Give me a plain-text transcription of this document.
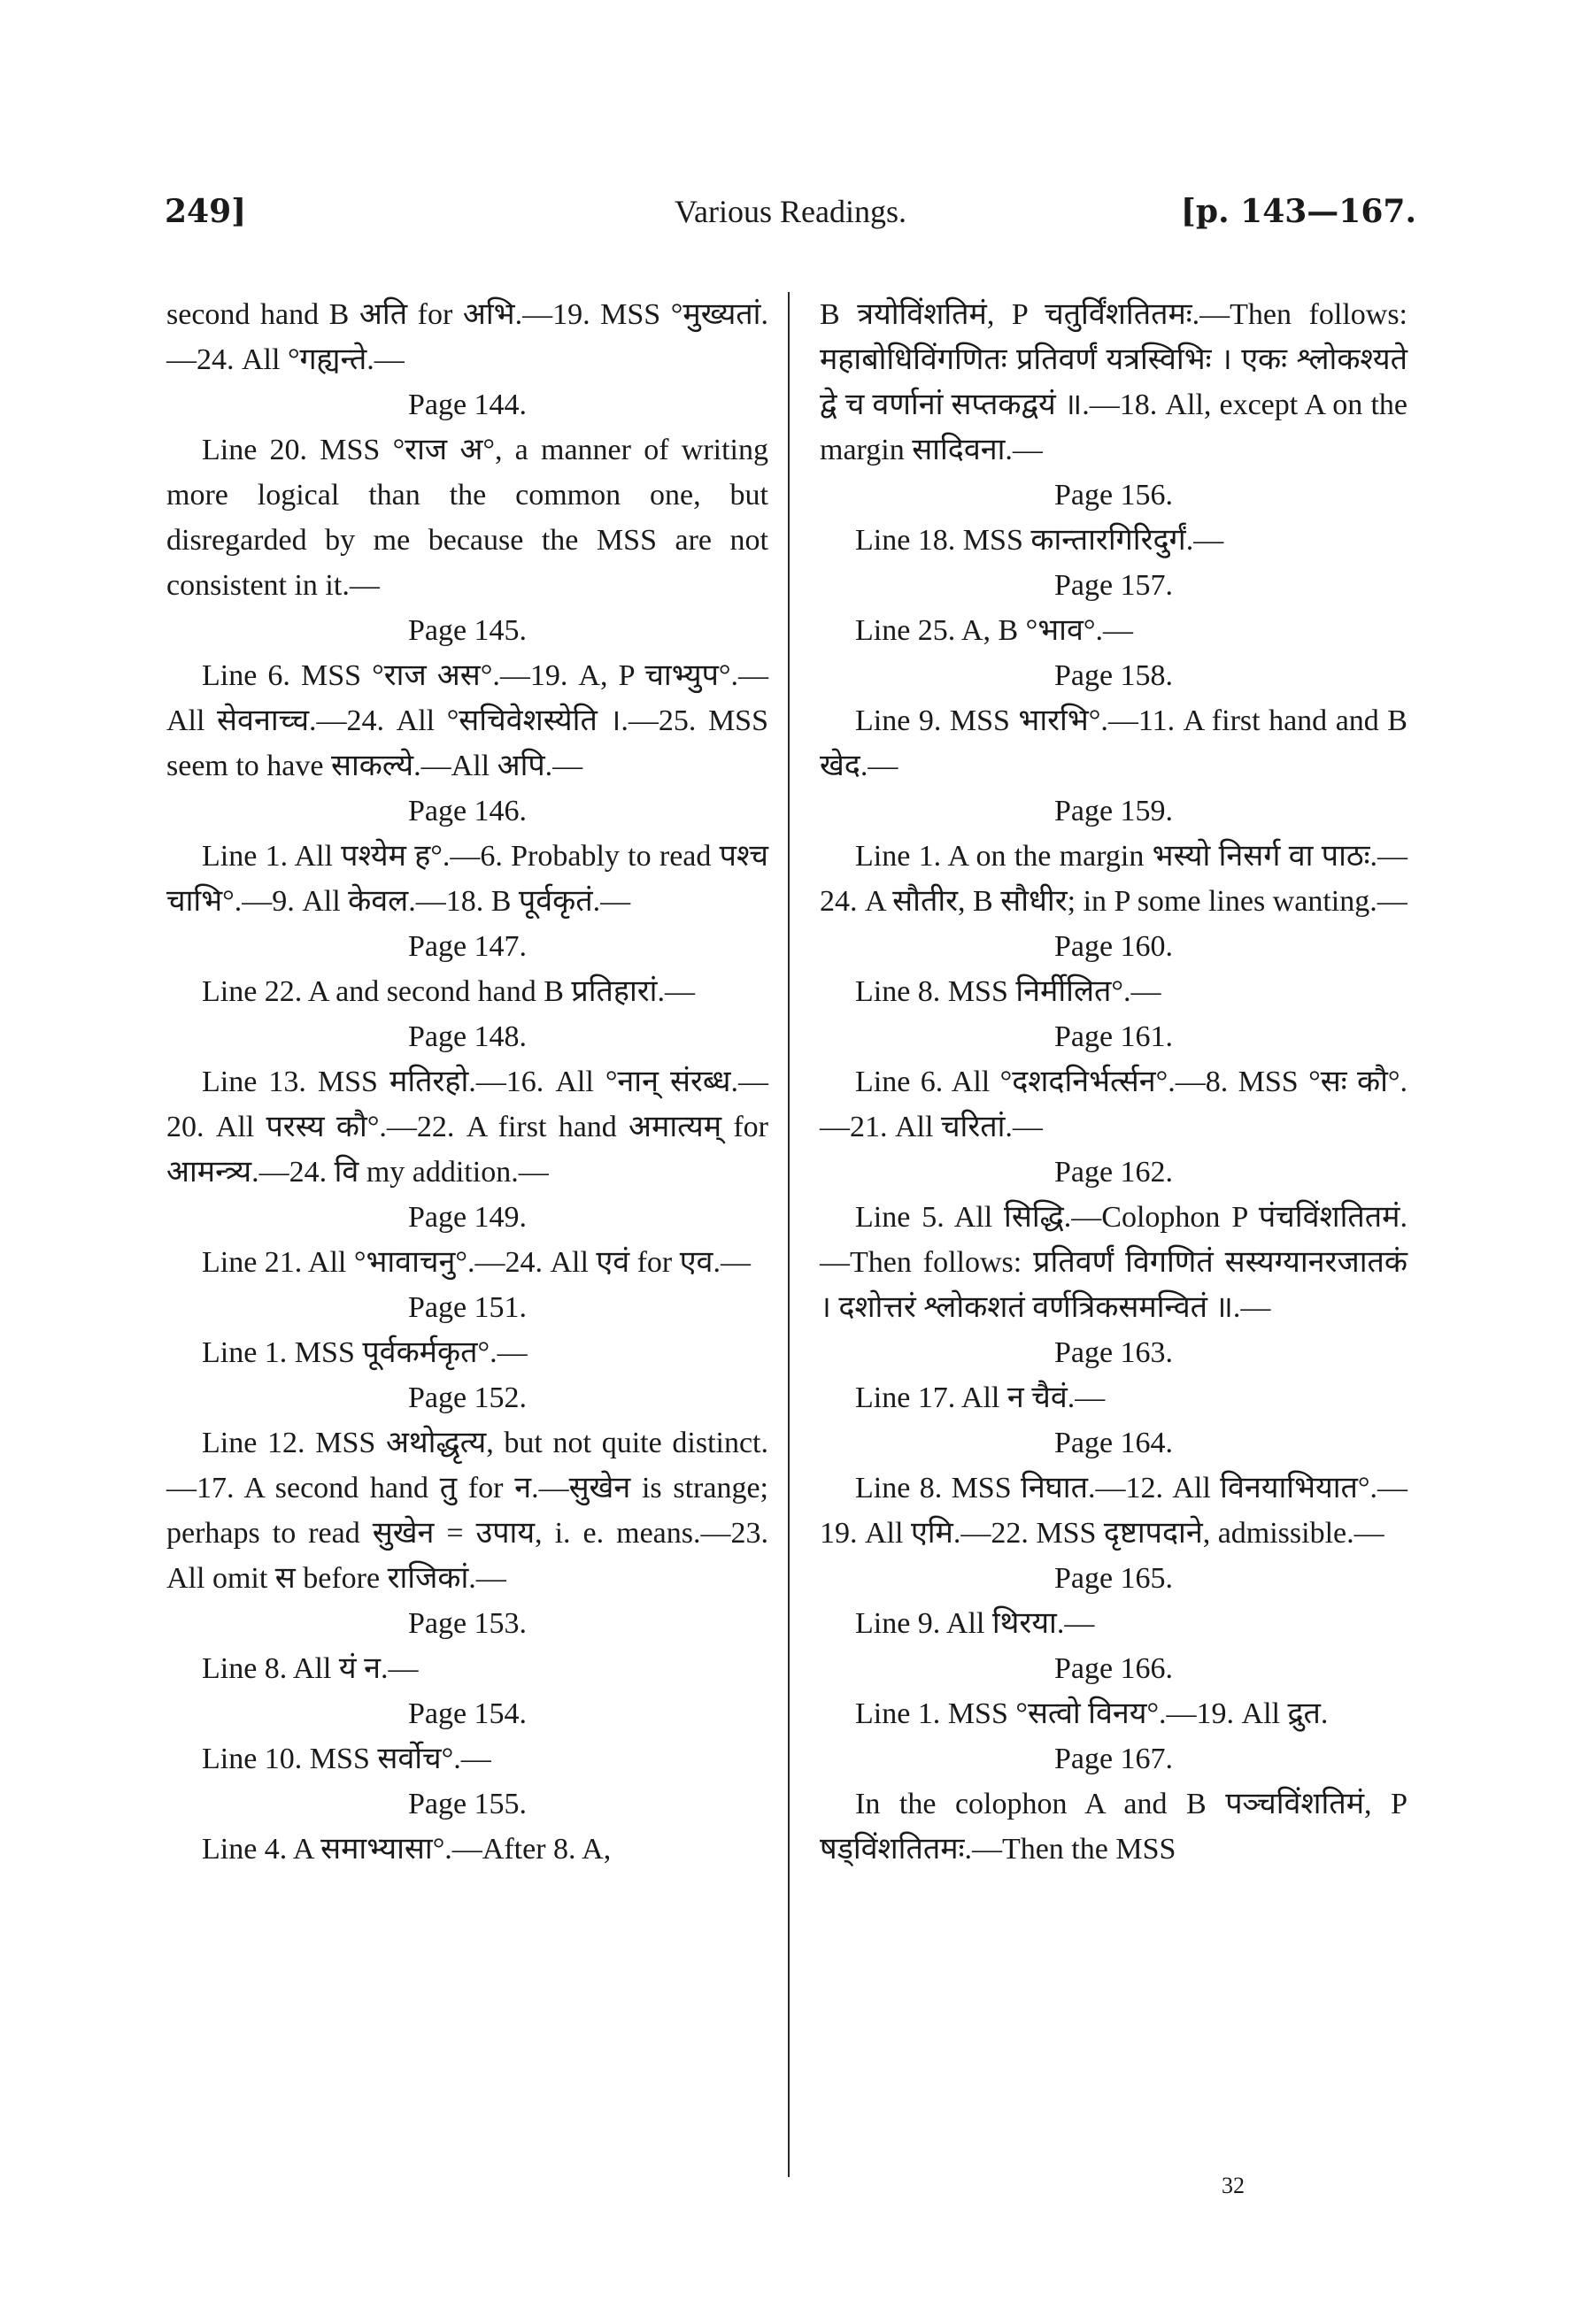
249]	Various Readings.	[p. 143—167.

second hand B अति for अभि.—19. MSS °मुख्यतां.—24. All °गह्यन्ते.—

Page 144.

Line 20. MSS °राज अ°, a manner of writing more logical than the common one, but disregarded by me because the MSS are not consistent in it.—

Page 145.

Line 6. MSS °राज अस°.—19. A, P चाभ्युप°.—All सेवनाच्च.—24. All °सचिवेशस्येति ।.—25. MSS seem to have साकल्ये.—All अपि.—

Page 146.

Line 1. All पश्येम ह°.—6. Probably to read पश्च चाभि°.—9. All केवल.—18. B पूर्वकृतं.—

Page 147.

Line 22. A and second hand B प्रतिहारां.—

Page 148.

Line 13. MSS मतिरहो.—16. All °नान् संरब्ध.—20. All परस्य कौ°.—22. A first hand अमात्यम् for आमन्त्र्य.—24. वि my addition.—

Page 149.

Line 21. All °भावाचनु°.—24. All एवं for एव.—

Page 151.

Line 1. MSS पूर्वकर्मकृत°.—

Page 152.

Line 12. MSS अथोद्धृत्य, but not quite distinct.—17. A second hand तु for न.—सुखेन is strange; perhaps to read सुखेन = उपाय, i. e. means.—23. All omit स before राजिकां.—

Page 153.

Line 8. All यं न.—

Page 154.

Line 10. MSS सर्वोच°.—

Page 155.

Line 4. A समाभ्यासा°.—After 8. A,

B त्रयोविंशतिमं, P चतुर्विंशतितमः.—Then follows: महाबोधिविंगणितः प्रतिवर्णं यत्रस्विभिः । एकः श्लोकश्यते द्वे च वर्णानां सप्तकद्वयं ॥.—18. All, except A on the margin सादिवना.—

Page 156.

Line 18. MSS कान्तारगिरिदुर्गं.—

Page 157.

Line 25. A, B °भाव°.—

Page 158.

Line 9. MSS भारभि°.—11. A first hand and B खेद.—

Page 159.

Line 1. A on the margin भस्यो निसर्ग वा पाठः.—24. A सौतीर, B सौधीर; in P some lines wanting.—

Page 160.

Line 8. MSS निर्मीलित°.—

Page 161.

Line 6. All °दशदनिर्भर्त्सन°.—8. MSS °सः कौ°.—21. All चरितां.—

Page 162.

Line 5. All सिद्धि.—Colophon P पंचविंशतितमं.—Then follows: प्रतिवर्णं विगणितं सस्यग्यानरजातकं । दशोत्तरं श्लोकशतं वर्णत्रिकसमन्वितं ॥.—

Page 163.

Line 17. All न चैवं.—

Page 164.

Line 8. MSS निघात.—12. All विनयाभियात°.—19. All एमि.—22. MSS दृष्टापदाने, admissible.—

Page 165.

Line 9. All थिरया.—

Page 166.

Line 1. MSS °सत्वो विनय°.—19. All द्रुत.

Page 167.

In the colophon A and B पञ्चविंशतिमं, P षड्विंशतितमः.—Then the MSS

32
